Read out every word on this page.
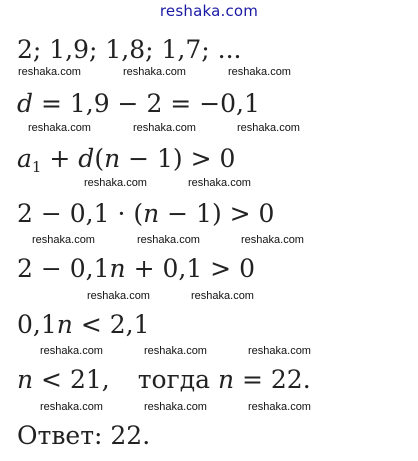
reshaka.com
2; 1,9; 1,8; 1,7; ...
reshaka.com	reshaka.com	reshaka.com
d = 1,9 − 2 = −0,1
reshaka.com	reshaka.com	reshaka.com
$a_1 + d(n - 1) > 0$
reshaka.com	reshaka.com
2 − 0,1 · (n − 1) > 0
reshaka.com	reshaka.com	reshaka.com
2 − 0,1n + 0,1 > 0
reshaka.com	reshaka.com
0,1n < 2,1
reshaka.com	reshaka.com	reshaka.com
n < 21, тогда n = 22.
reshaka.com	reshaka.com	reshaka.com
Ответ: 22.
